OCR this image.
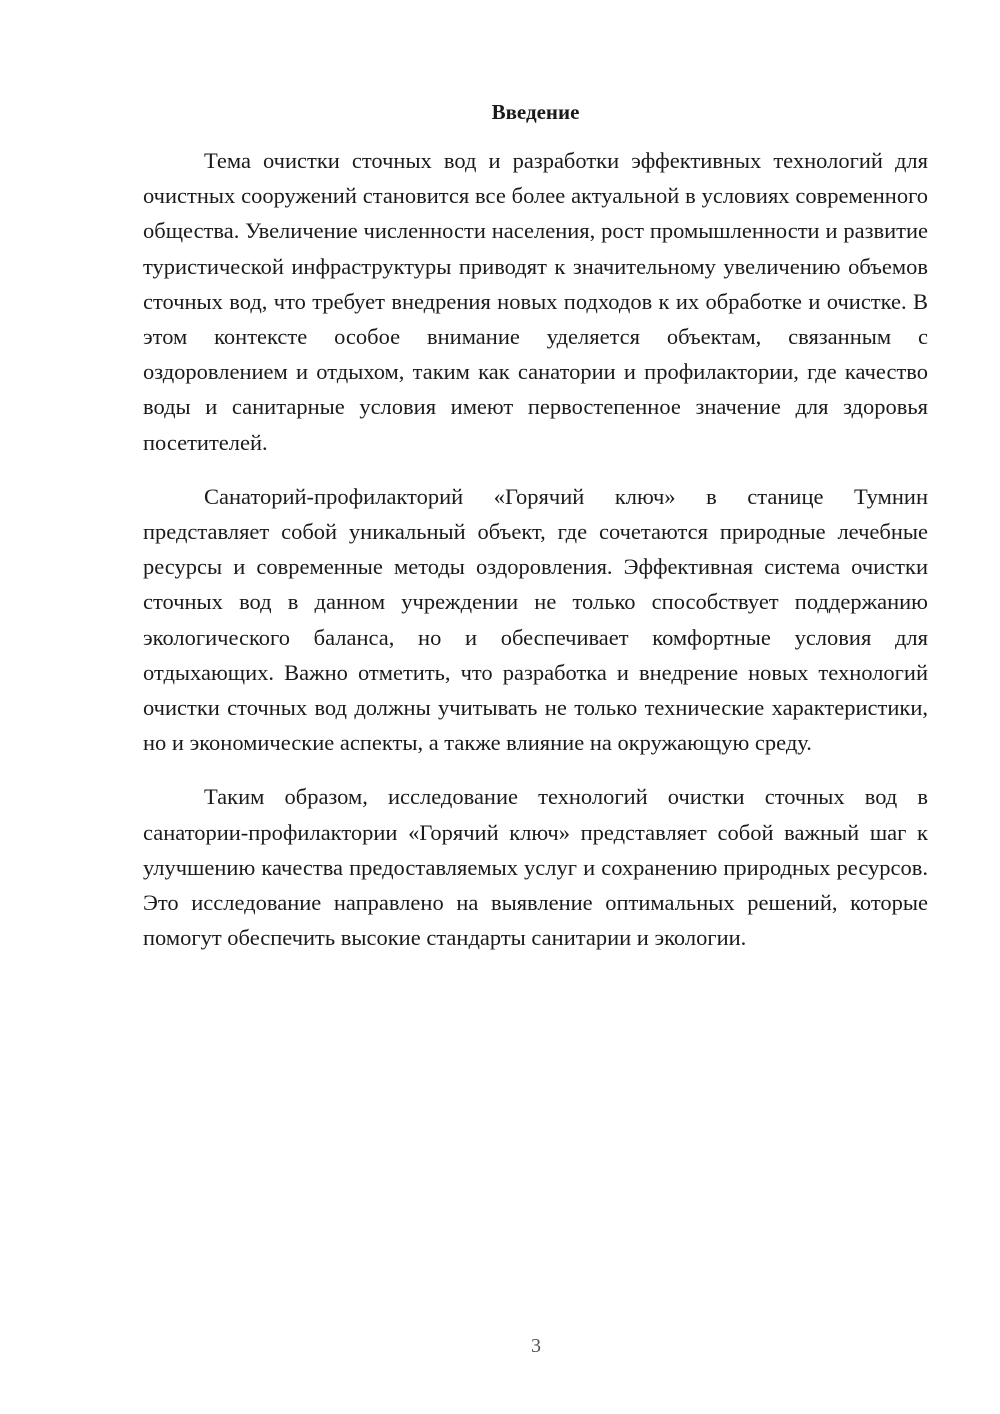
Введение

Тема очистки сточных вод и разработки эффективных технологий для очистных сооружений становится все более актуальной в условиях современного общества. Увеличение численности населения, рост промышленности и развитие туристической инфраструктуры приводят к значительному увеличению объемов сточных вод, что требует внедрения новых подходов к их обработке и очистке. В этом контексте особое внимание уделяется объектам, связанным с оздоровлением и отдыхом, таким как санатории и профилактории, где качество воды и санитарные условия имеют первостепенное значение для здоровья посетителей.

Санаторий-профилакторий «Горячий ключ» в станице Тумнин представляет собой уникальный объект, где сочетаются природные лечебные ресурсы и современные методы оздоровления. Эффективная система очистки сточных вод в данном учреждении не только способствует поддержанию экологического баланса, но и обеспечивает комфортные условия для отдыхающих. Важно отметить, что разработка и внедрение новых технологий очистки сточных вод должны учитывать не только технические характеристики, но и экономические аспекты, а также влияние на окружающую среду.

Таким образом, исследование технологий очистки сточных вод в санатории-профилактории «Горячий ключ» представляет собой важный шаг к улучшению качества предоставляемых услуг и сохранению природных ресурсов. Это исследование направлено на выявление оптимальных решений, которые помогут обеспечить высокие стандарты санитарии и экологии.

3
